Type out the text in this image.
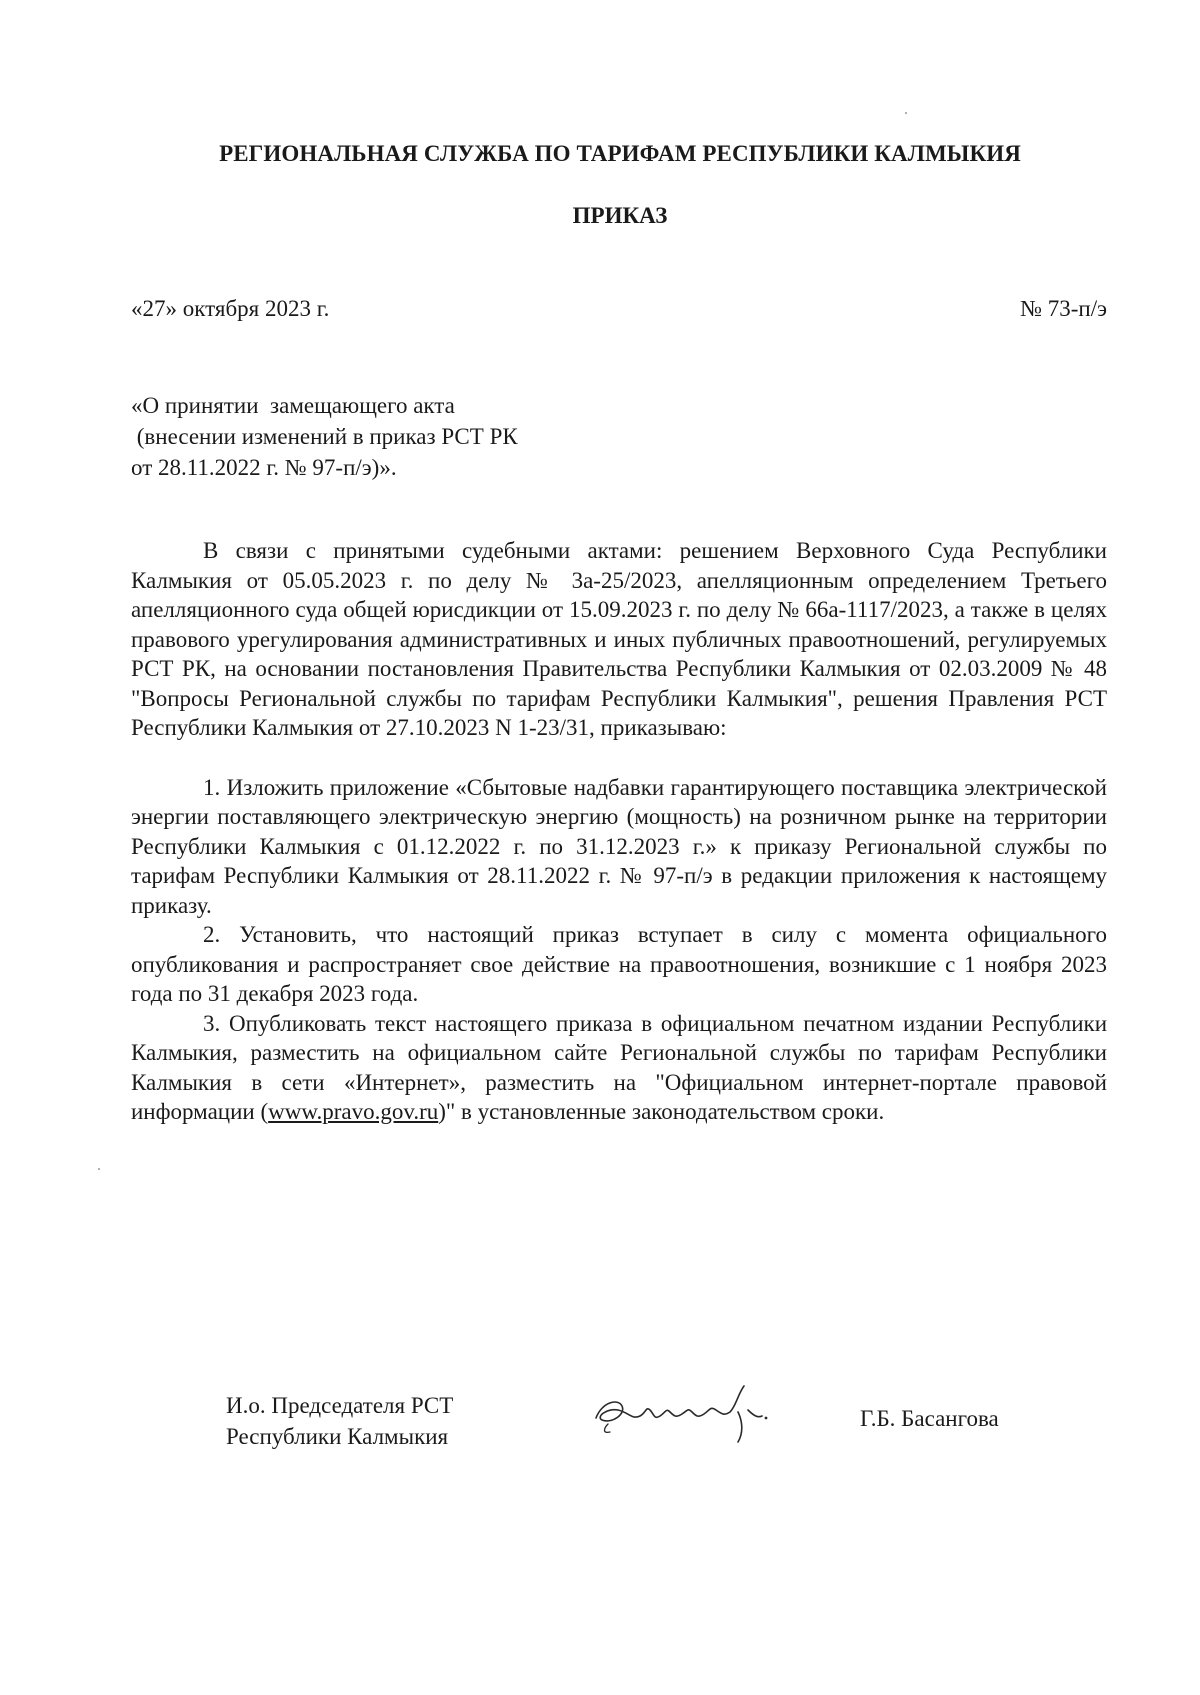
РЕГИОНАЛЬНАЯ СЛУЖБА ПО ТАРИФАМ РЕСПУБЛИКИ КАЛМЫКИЯ
ПРИКАЗ
«27» октября 2023 г.	№ 73-п/э
«О принятии  замещающего акта
(внесении изменений в приказ РСТ РК
от 28.11.2022 г. № 97-п/э)».

В связи с принятыми судебными актами: решением Верховного Суда Республики Калмыкия от 05.05.2023 г. по делу № 3а-25/2023, апелляционным определением Третьего апелляционного суда общей юрисдикции от 15.09.2023 г. по делу № 66а-1117/2023, а также в целях правового урегулирования административных и иных публичных правоотношений, регулируемых РСТ РК, на основании постановления Правительства Республики Калмыкия от 02.03.2009 № 48 "Вопросы Региональной службы по тарифам Республики Калмыкия", решения Правления РСТ Республики Калмыкия от 27.10.2023 N 1-23/31, приказываю:

1. Изложить приложение «Сбытовые надбавки гарантирующего поставщика электрической энергии поставляющего электрическую энергию (мощность) на розничном рынке на территории Республики Калмыкия с 01.12.2022 г. по 31.12.2023 г.» к приказу Региональной службы по тарифам Республики Калмыкия от 28.11.2022 г. № 97-п/э в редакции приложения к настоящему приказу.

2. Установить, что настоящий приказ вступает в силу с момента официального опубликования и распространяет свое действие на правоотношения, возникшие с 1 ноября 2023 года по 31 декабря 2023 года.

3. Опубликовать текст настоящего приказа в официальном печатном издании Республики Калмыкия, разместить на официальном сайте Региональной службы по тарифам Республики Калмыкия в сети «Интернет», разместить на "Официальном интернет-портале правовой информации (www.pravo.gov.ru)" в установленные законодательством сроки.

И.о. Председателя РСТ
Республики Калмыкия
Г.Б. Басангова
